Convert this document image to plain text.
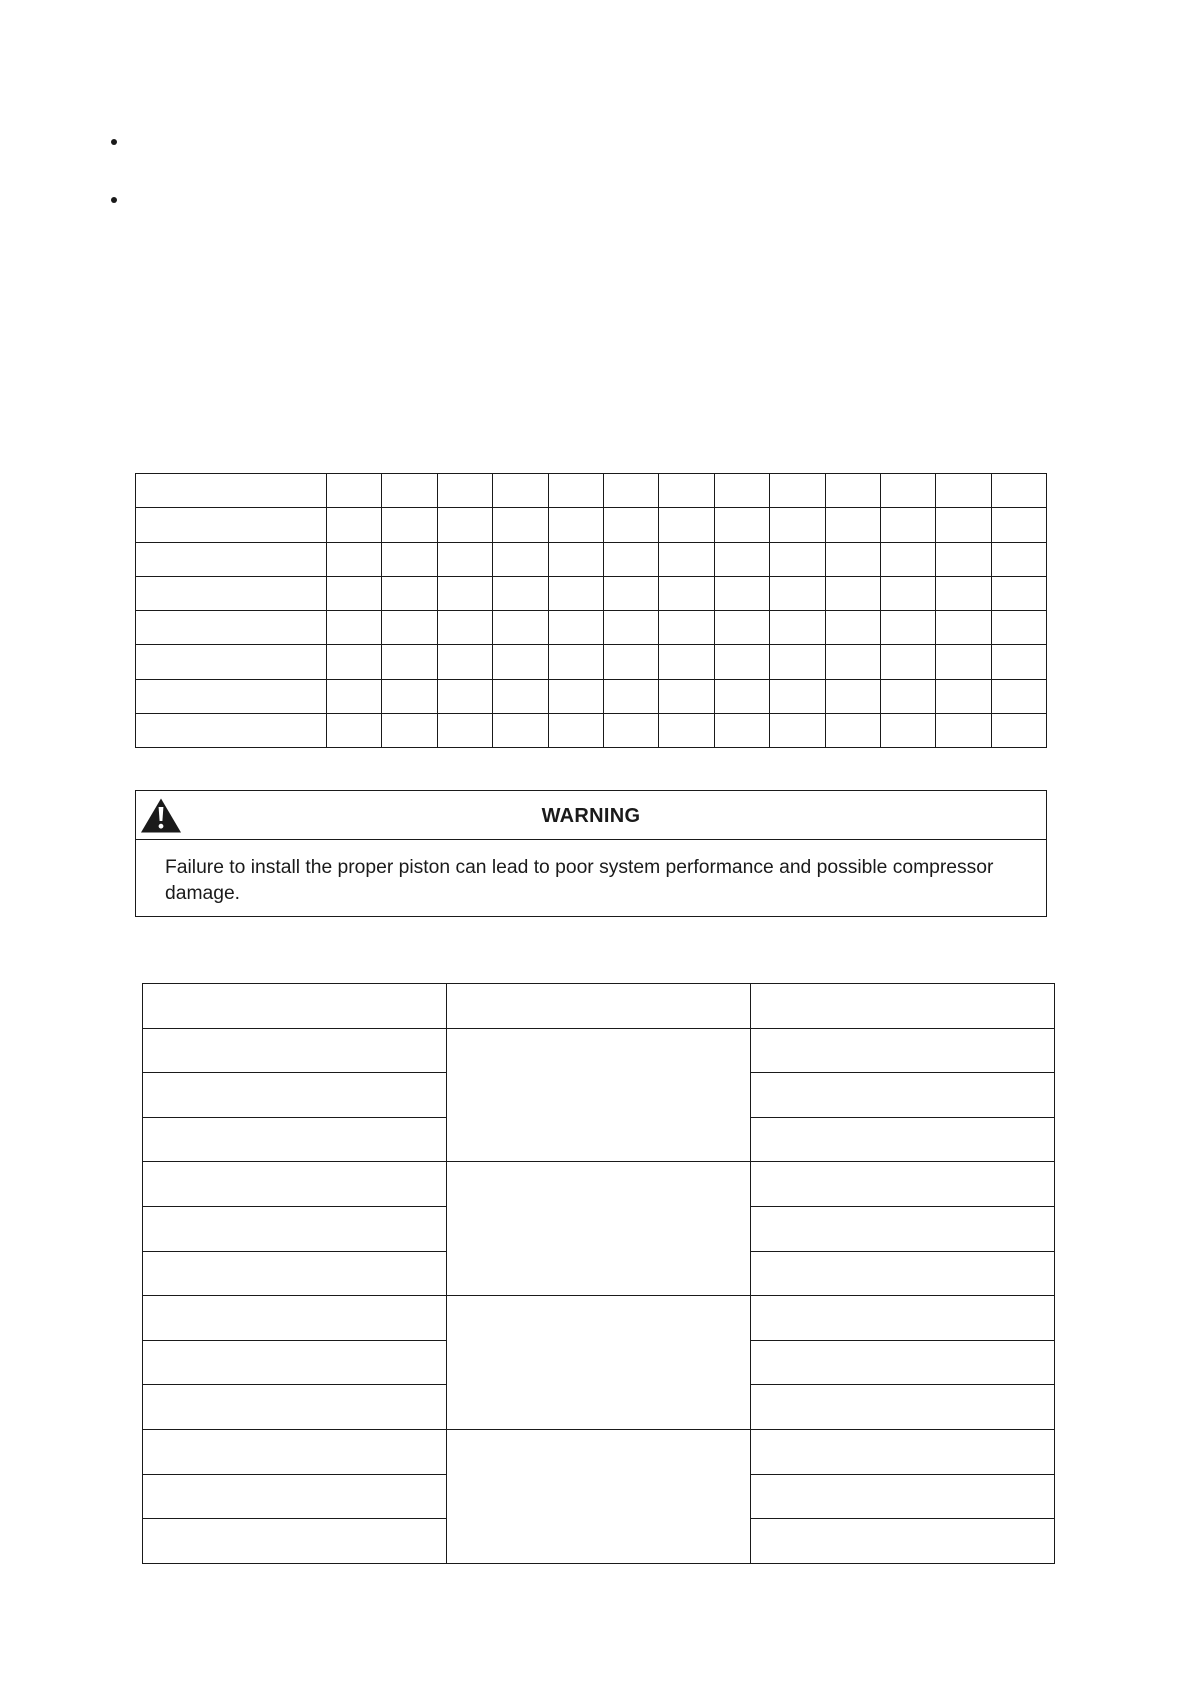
WARNING
Failure to install the proper piston can lead to poor system performance and possible compressor damage.
